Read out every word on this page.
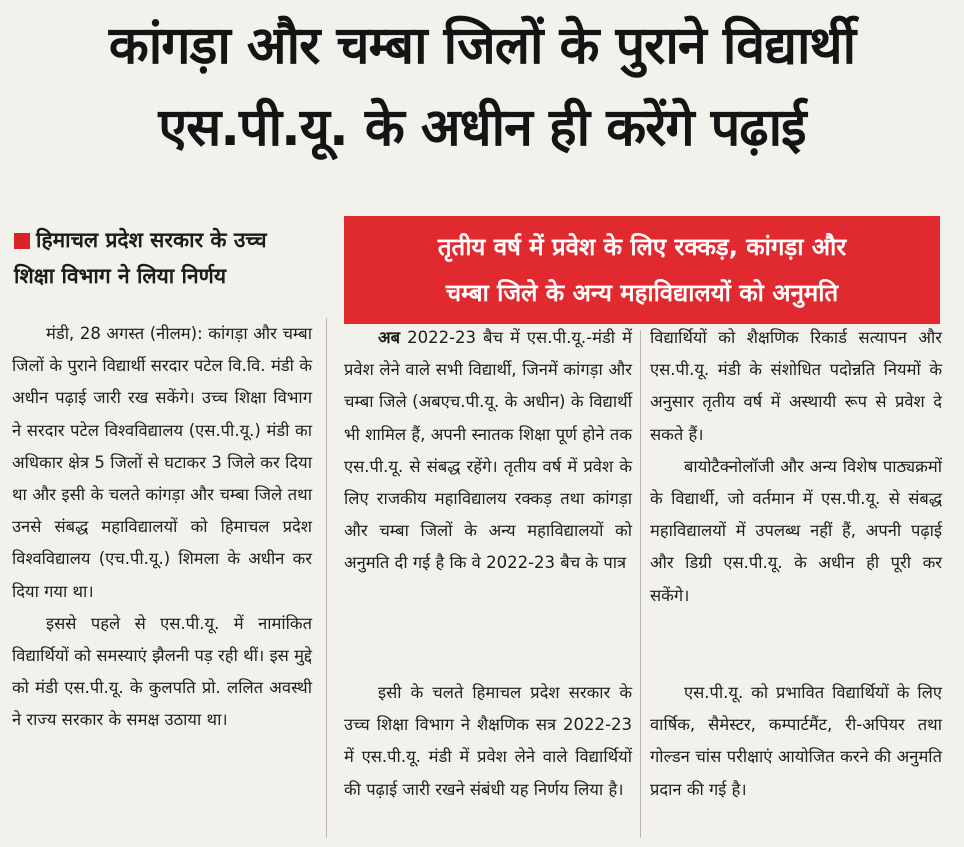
कांगड़ा और चम्बा जिलों के पुराने विद्यार्थी
एस.पी.यू. के अधीन ही करेंगे पढ़ाई
हिमाचल प्रदेश सरकार के उच्च शिक्षा विभाग ने लिया निर्णय
तृतीय वर्ष में प्रवेश के लिए रक्कड़, कांगड़ा और
चम्बा जिले के अन्य महाविद्यालयों को अनुमति

मंडी, 28 अगस्त (नीलम): कांगड़ा और चम्बा जिलों के पुराने विद्यार्थी सरदार पटेल वि.वि. मंडी के अधीन पढ़ाई जारी रख सकेंगे। उच्च शिक्षा विभाग ने सरदार पटेल विश्वविद्यालय (एस.पी.यू.) मंडी का अधिकार क्षेत्र 5 जिलों से घटाकर 3 जिले कर दिया था और इसी के चलते कांगड़ा और चम्बा जिले तथा उनसे संबद्ध महाविद्यालयों को हिमाचल प्रदेश विश्वविद्यालय (एच.पी.यू.) शिमला के अधीन कर दिया गया था।

इससे पहले से एस.पी.यू. में नामांकित विद्यार्थियों को समस्याएं झैलनी पड़ रही थीं। इस मुद्दे को मंडी एस.पी.यू. के कुलपति प्रो. ललित अवस्थी ने राज्य सरकार के समक्ष उठाया था।

अब 2022-23 बैच में एस.पी.यू.-मंडी में प्रवेश लेने वाले सभी विद्यार्थी, जिनमें कांगड़ा और चम्बा जिले (अबएच.पी.यू. के अधीन) के विद्यार्थी भी शामिल हैं, अपनी स्नातक शिक्षा पूर्ण होने तक एस.पी.यू. से संबद्ध रहेंगे। तृतीय वर्ष में प्रवेश के लिए राजकीय महाविद्यालय रक्कड़ तथा कांगड़ा और चम्बा जिलों के अन्य महाविद्यालयों को अनुमति दी गई है कि वे 2022-23 बैच के पात्र

इसी के चलते हिमाचल प्रदेश सरकार के उच्च शिक्षा विभाग ने शैक्षणिक सत्र 2022-23 में एस.पी.यू. मंडी में प्रवेश लेने वाले विद्यार्थियों की पढ़ाई जारी रखने संबंधी यह निर्णय लिया है।

विद्यार्थियों को शैक्षणिक रिकार्ड सत्यापन और एस.पी.यू. मंडी के संशोधित पदोन्नति नियमों के अनुसार तृतीय वर्ष में अस्थायी रूप से प्रवेश दे सकते हैं।

बायोटैक्नोलॉजी और अन्य विशेष पाठ्यक्रमों के विद्यार्थी, जो वर्तमान में एस.पी.यू. से संबद्ध महाविद्यालयों में उपलब्ध नहीं हैं, अपनी पढ़ाई और डिग्री एस.पी.यू. के अधीन ही पूरी कर सकेंगे।

एस.पी.यू. को प्रभावित विद्यार्थियों के लिए वार्षिक, सैमेस्टर, कम्पार्टमैंट, री-अपियर तथा गोल्डन चांस परीक्षाएं आयोजित करने की अनुमति प्रदान की गई है।
